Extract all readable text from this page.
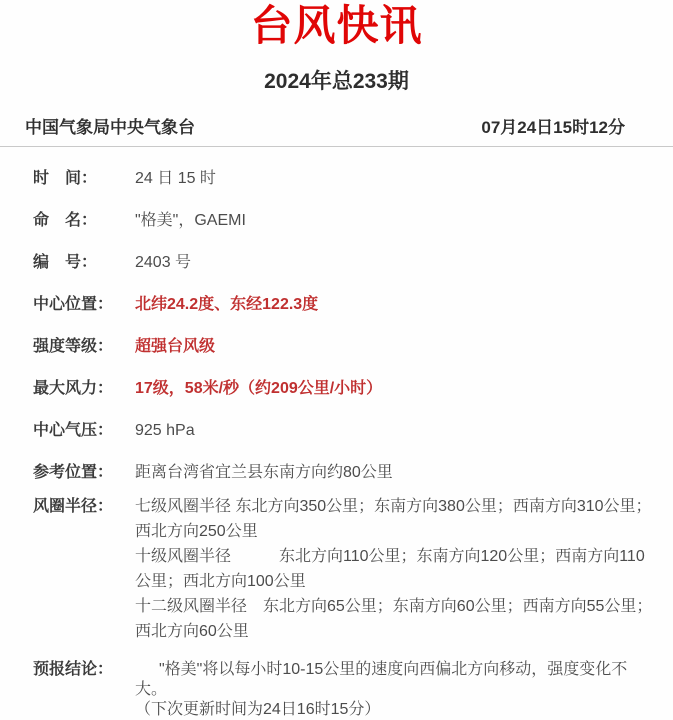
台风快讯
2024年总233期
中国气象局中央气象台	07月24日15时12分
时　间：	24 日 15 时
命　名：	"格美"，GAEMI
编　号：	2403 号
中心位置：	北纬24.2度、东经122.3度
强度等级：	超强台风级
最大风力：	17级，58米/秒（约209公里/小时）
中心气压：	925 hPa
参考位置：	距离台湾省宜兰县东南方向约80公里
风圈半径：	七级风圈半径 东北方向350公里；东南方向380公里；西南方向310公里；西北方向250公里
十级风圈半径　　　东北方向110公里；东南方向120公里；西南方向110公里；西北方向100公里
十二级风圈半径　东北方向65公里；东南方向60公里；西南方向55公里；西北方向60公里
预报结论：	"格美"将以每小时10-15公里的速度向西偏北方向移动，强度变化不大。
（下次更新时间为24日16时15分）
